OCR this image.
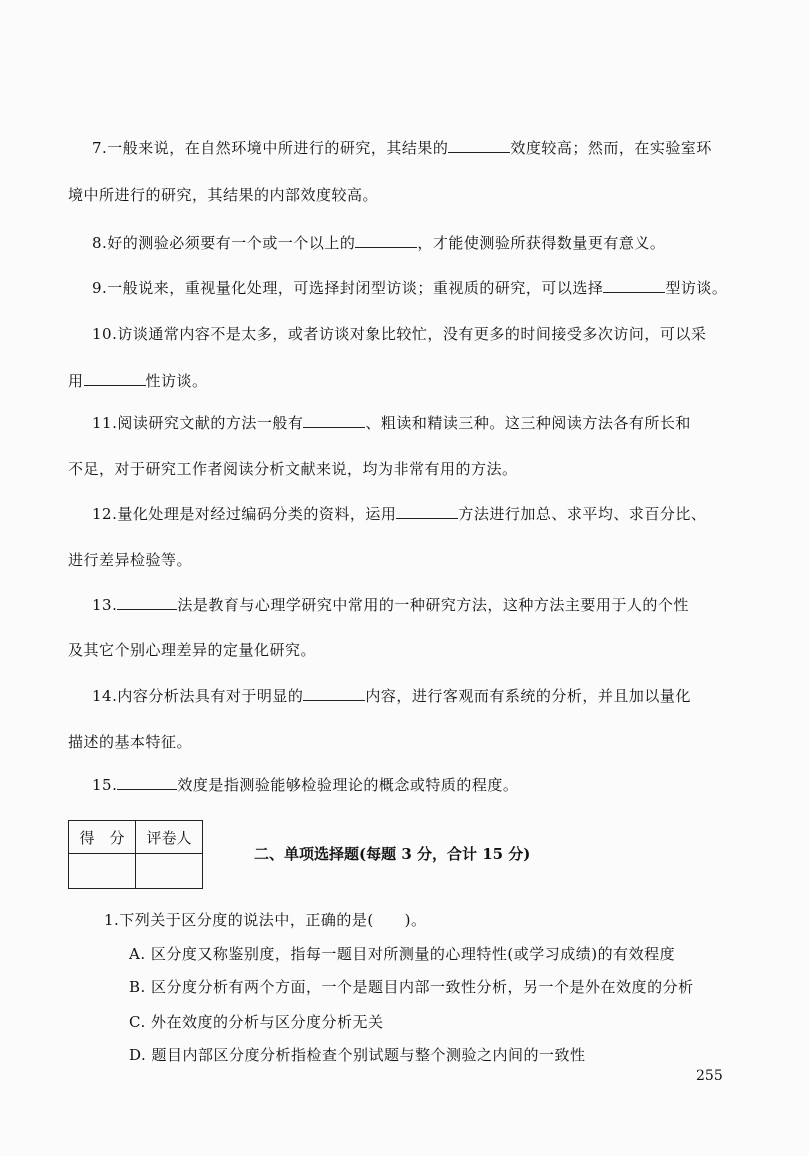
7.一般来说，在自然环境中所进行的研究，其结果的	效度较高；然而，在实验室环
境中所进行的研究，其结果的内部效度较高。
8.好的测验必须要有一个或一个以上的	，才能使测验所获得数量更有意义。
9.一般说来，重视量化处理，可选择封闭型访谈；重视质的研究，可以选择	型访谈。
10.访谈通常内容不是太多，或者访谈对象比较忙，没有更多的时间接受多次访问，可以采
用	性访谈。
11.阅读研究文献的方法一般有	、粗读和精读三种。这三种阅读方法各有所长和
不足，对于研究工作者阅读分析文献来说，均为非常有用的方法。
12.量化处理是对经过编码分类的资料，运用	方法进行加总、求平均、求百分比、
进行差异检验等。
13.	法是教育与心理学研究中常用的一种研究方法，这种方法主要用于人的个性
及其它个别心理差异的定量化研究。
14.内容分析法具有对于明显的	内容，进行客观而有系统的分析，并且加以量化
描述的基本特征。
15.	效度是指测验能够检验理论的概念或特质的程度。
得　分	评卷人

二、单项选择题(每题 3 分，合计 15 分)
1.下列关于区分度的说法中，正确的是(　　)。
A. 区分度又称鉴别度，指每一题目对所测量的心理特性(或学习成绩)的有效程度
B. 区分度分析有两个方面，一个是题目内部一致性分析，另一个是外在效度的分析
C. 外在效度的分析与区分度分析无关
D. 题目内部区分度分析指检查个别试题与整个测验之内间的一致性
255
